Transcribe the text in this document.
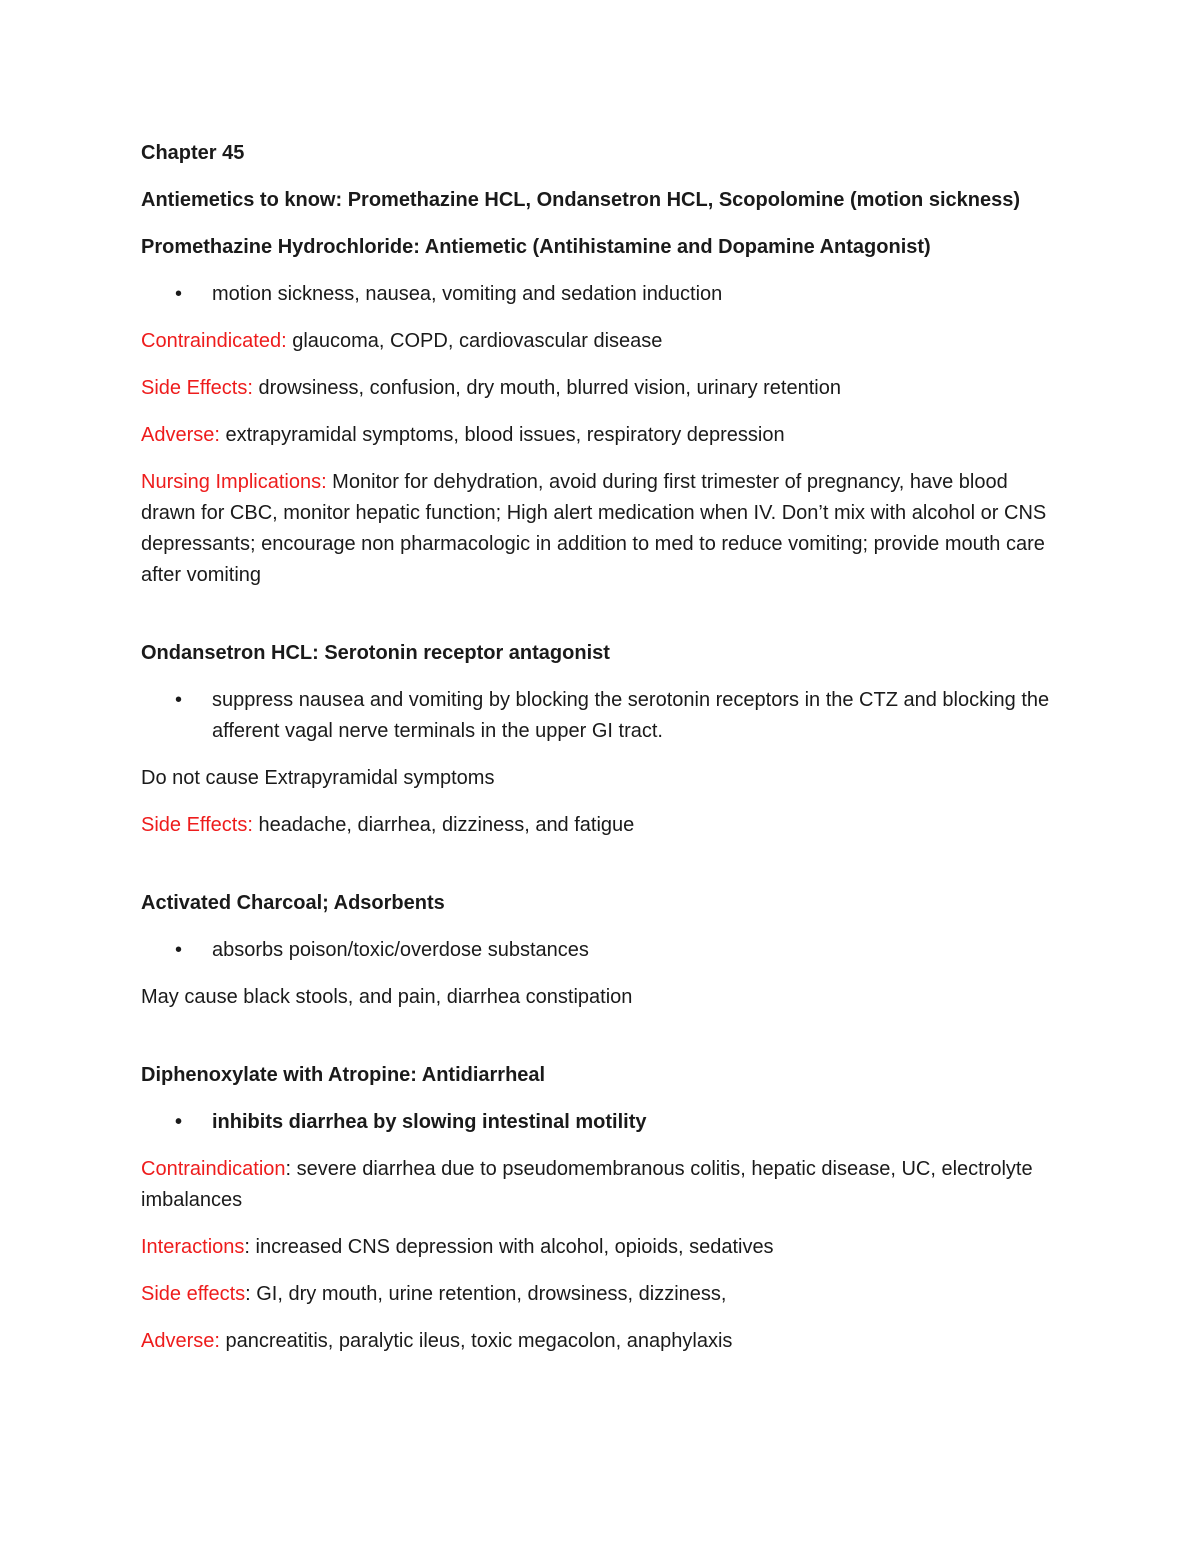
Chapter 45

Antiemetics to know: Promethazine HCL, Ondansetron HCL, Scopolomine (motion sickness)

Promethazine Hydrochloride: Antiemetic (Antihistamine and Dopamine Antagonist)

• motion sickness, nausea, vomiting and sedation induction

Contraindicated: glaucoma, COPD, cardiovascular disease

Side Effects: drowsiness, confusion, dry mouth, blurred vision, urinary retention

Adverse: extrapyramidal symptoms, blood issues, respiratory depression

Nursing Implications: Monitor for dehydration, avoid during first trimester of pregnancy, have blood drawn for CBC, monitor hepatic function; High alert medication when IV. Don’t mix with alcohol or CNS depressants; encourage non pharmacologic in addition to med to reduce vomiting; provide mouth care after vomiting

Ondansetron HCL: Serotonin receptor antagonist

• suppress nausea and vomiting by blocking the serotonin receptors in the CTZ and blocking the afferent vagal nerve terminals in the upper GI tract.

Do not cause Extrapyramidal symptoms

Side Effects: headache, diarrhea, dizziness, and fatigue

Activated Charcoal; Adsorbents

• absorbs poison/toxic/overdose substances

May cause black stools, and pain, diarrhea constipation

Diphenoxylate with Atropine: Antidiarrheal

• inhibits diarrhea by slowing intestinal motility

Contraindication: severe diarrhea due to pseudomembranous colitis, hepatic disease, UC, electrolyte imbalances

Interactions: increased CNS depression with alcohol, opioids, sedatives

Side effects: GI, dry mouth, urine retention, drowsiness, dizziness,

Adverse: pancreatitis, paralytic ileus, toxic megacolon, anaphylaxis
